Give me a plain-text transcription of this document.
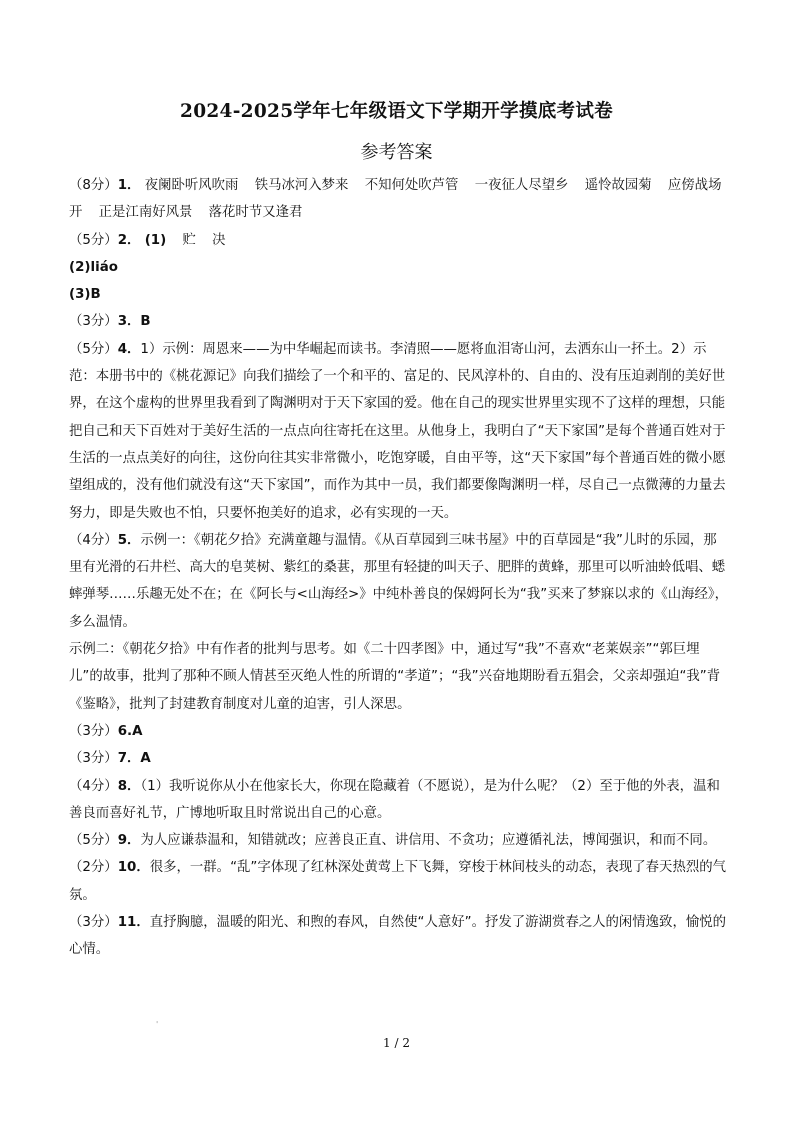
2024-2025学年七年级语文下学期开学摸底考试卷
参考答案

（8分）1． 夜阑卧听风吹雨 铁马冰河入梦来 不知何处吹芦管 一夜征人尽望乡 遥怜故园菊 应傍战场开 正是江南好风景 落花时节又逢君

（5分）2． (1) 贮 决

(2)liáo

(3)B

（3分）3．B

（5分）4．1）示例：周恩来——为中华崛起而读书。李清照——愿将血泪寄山河，去洒东山一抔土。2）示范：本册书中的《桃花源记》向我们描绘了一个和平的、富足的、民风淳朴的、自由的、没有压迫剥削的美好世界，在这个虚构的世界里我看到了陶渊明对于天下家国的爱。他在自己的现实世界里实现不了这样的理想，只能把自己和天下百姓对于美好生活的一点点向往寄托在这里。从他身上，我明白了“天下家国”是每个普通百姓对于生活的一点点美好的向往，这份向往其实非常微小，吃饱穿暖，自由平等，这“天下家国”每个普通百姓的微小愿望组成的，没有他们就没有这“天下家国”，而作为其中一员，我们都要像陶渊明一样，尽自己一点微薄的力量去努力，即是失败也不怕，只要怀抱美好的追求，必有实现的一天。

（4分）5．示例一：《朝花夕拾》充满童趣与温情。《从百草园到三味书屋》中的百草园是“我”儿时的乐园，那里有光滑的石井栏、高大的皂荚树、紫红的桑葚，那里有轻捷的叫天子、肥胖的黄蜂，那里可以听油蛉低唱、蟋蟀弹琴……乐趣无处不在；在《阿长与<山海经>》中纯朴善良的保姆阿长为“我”买来了梦寐以求的《山海经》，多么温情。

示例二：《朝花夕拾》中有作者的批判与思考。如《二十四孝图》中，通过写“我”不喜欢“老莱娱亲”“郭巨埋儿”的故事，批判了那种不顾人情甚至灭绝人性的所谓的“孝道”；“我”兴奋地期盼看五猖会，父亲却强迫“我”背《鉴略》，批判了封建教育制度对儿童的迫害，引人深思。

（3分）6.A

（3分）7．A

（4分）8．（1）我听说你从小在他家长大，你现在隐藏着（不愿说），是为什么呢？（2）至于他的外表，温和善良而喜好礼节，广博地听取且时常说出自己的心意。

（5分）9．为人应谦恭温和，知错就改；应善良正直、讲信用、不贪功；应遵循礼法，博闻强识，和而不同。

（2分）10．很多，一群。“乱”字体现了红林深处黄莺上下飞舞，穿梭于林间枝头的动态，表现了春天热烈的气氛。

（3分）11．直抒胸臆，温暖的阳光、和煦的春风，自然使“人意好”。抒发了游湖赏春之人的闲情逸致，愉悦的心情。

'
1 / 2
